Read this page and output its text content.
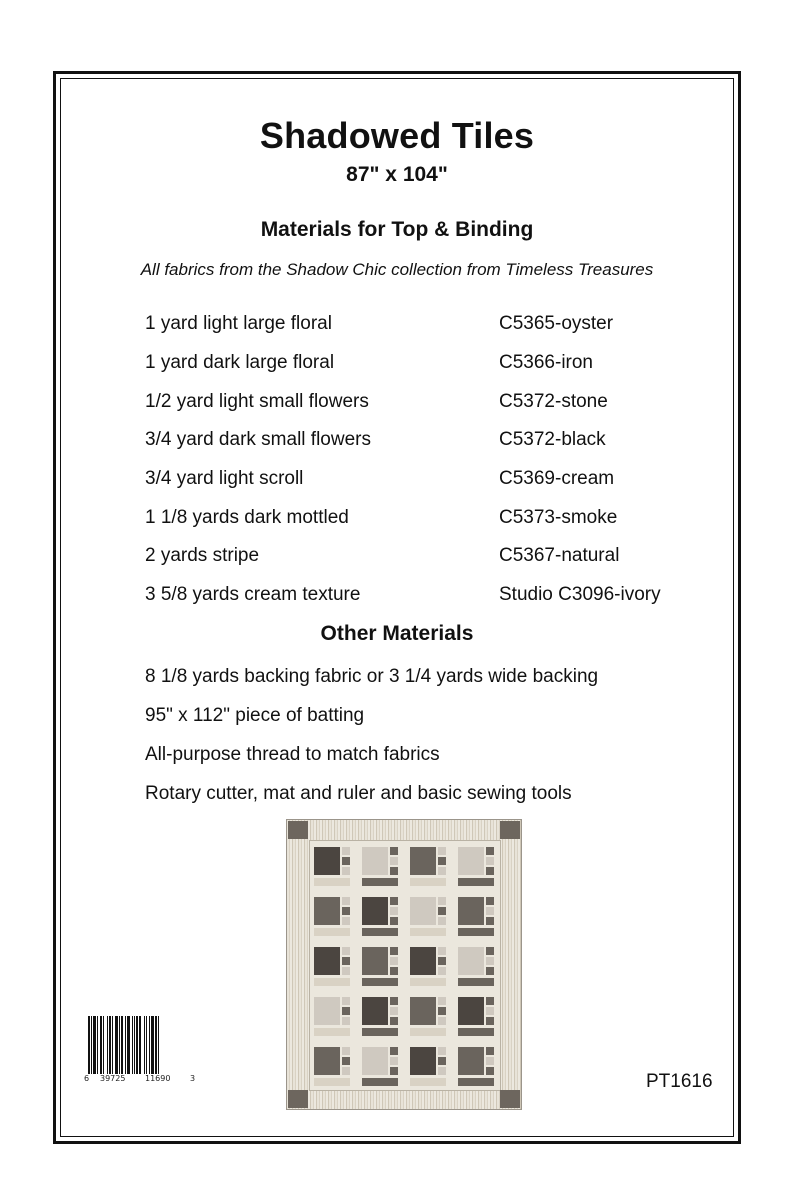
Shadowed Tiles
87" x 104"
Materials for Top & Binding
All fabrics from the Shadow Chic collection from Timeless Treasures
1 yard light large floral	C5365-oyster
1 yard dark large floral	C5366-iron
1/2 yard light small flowers	C5372-stone
3/4 yard dark small flowers	C5372-black
3/4 yard light scroll	C5369-cream
1 1/8 yards dark mottled	C5373-smoke
2 yards stripe	C5367-natural
3 5/8 yards cream texture	Studio C3096-ivory
Other Materials
8 1/8 yards backing fabric or 3 1/4 yards wide backing
95" x 112" piece of batting
All-purpose thread to match fabrics
Rotary cutter, mat and ruler and basic sewing tools
6 39725 11690 3	PT1616
